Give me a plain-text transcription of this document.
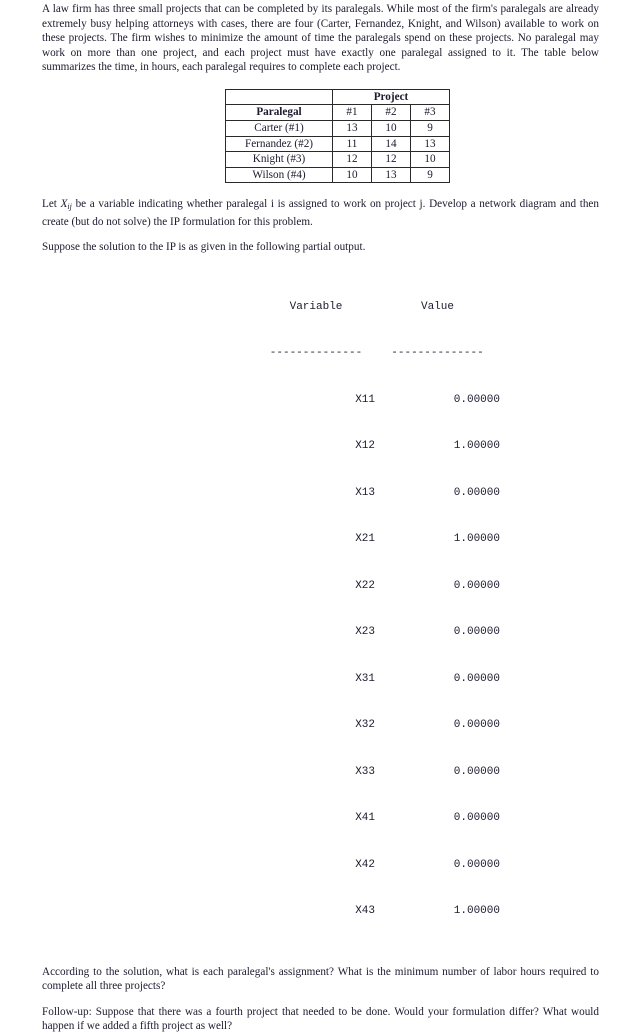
A law firm has three small projects that can be completed by its paralegals. While most of the firm's paralegals are already extremely busy helping attorneys with cases, there are four (Carter, Fernandez, Knight, and Wilson) available to work on these projects. The firm wishes to minimize the amount of time the paralegals spend on these projects. No paralegal may work on more than one project, and each project must have exactly one paralegal assigned to it. The table below summarizes the time, in hours, each paralegal requires to complete each project.

	Project		
Paralegal	#1	#2	#3
Carter (#1)	13	10	9
Fernandez (#2)	11	14	13
Knight (#3)	12	12	10
Wilson (#4)	10	13	9

Let $X_{ij}$ be a variable indicating whether paralegal i is assigned to work on project j. Develop a network diagram and then create (but do not solve) the IP formulation for this problem.

Suppose the solution to the IP is as given in the following partial output.

Variable	Value

--------------	--------------

X11	0.00000

X12	1.00000

X13	0.00000

X21	1.00000

X22	0.00000

X23	0.00000

X31	0.00000

X32	0.00000

X33	0.00000

X41	0.00000

X42	0.00000

X43	1.00000

According to the solution, what is each paralegal's assignment? What is the minimum number of labor hours required to complete all three projects?

Follow-up: Suppose that there was a fourth project that needed to be done. Would your formulation differ? What would happen if we added a fifth project as well?
